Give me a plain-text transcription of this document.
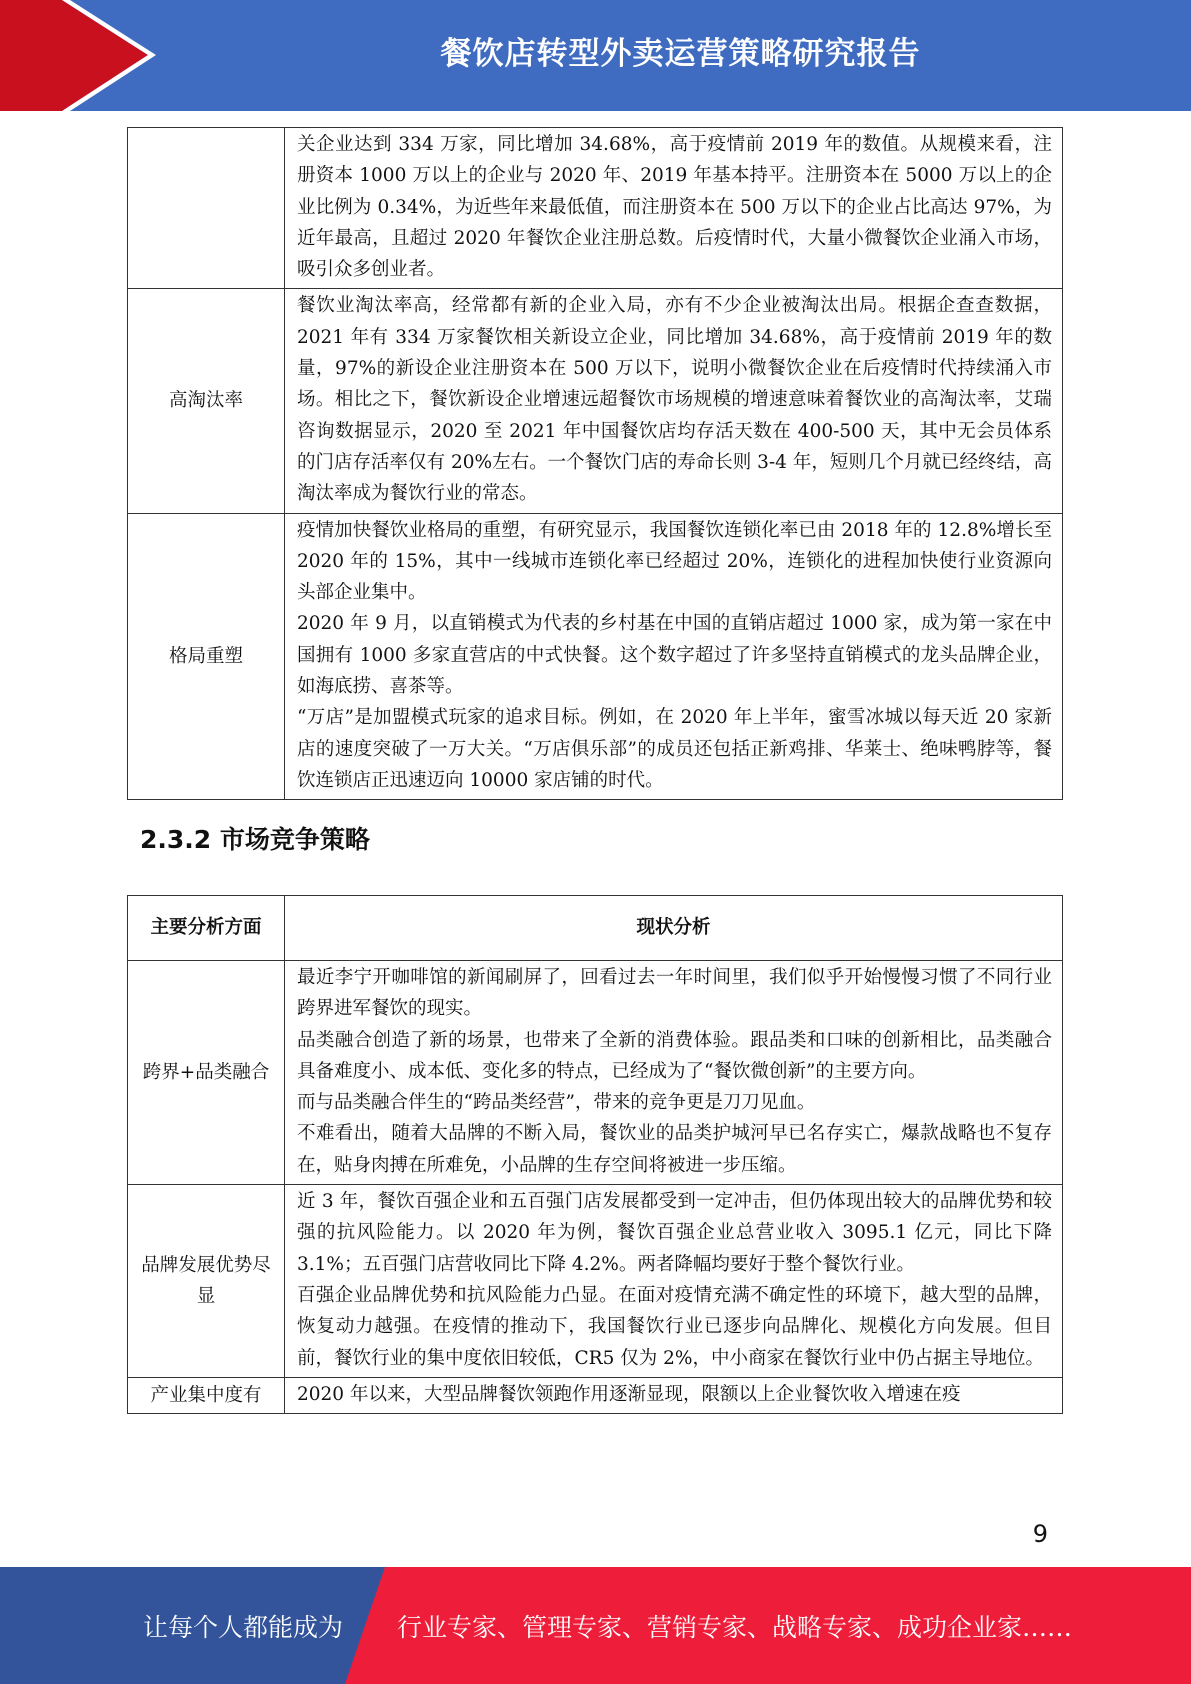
餐饮店转型外卖运营策略研究报告

	关企业达到 334 万家，同比增加 34.68%，高于疫情前 2019 年的数值。从规模来看，注册资本 1000 万以上的企业与 2020 年、2019 年基本持平。注册资本在 5000 万以上的企业比例为 0.34%，为近些年来最低值，而注册资本在 500 万以下的企业占比高达 97%，为近年最高，且超过 2020 年餐饮企业注册总数。后疫情时代，大量小微餐饮企业涌入市场，吸引众多创业者。

高淘汰率	餐饮业淘汰率高，经常都有新的企业入局，亦有不少企业被淘汰出局。根据企查查数据，2021 年有 334 万家餐饮相关新设立企业，同比增加 34.68%，高于疫情前 2019 年的数量，97%的新设企业注册资本在 500 万以下，说明小微餐饮企业在后疫情时代持续涌入市场。相比之下，餐饮新设企业增速远超餐饮市场规模的增速意味着餐饮业的高淘汰率，艾瑞咨询数据显示，2020 至 2021 年中国餐饮店均存活天数在 400-500 天，其中无会员体系的门店存活率仅有 20%左右。一个餐饮门店的寿命长则 3-4 年，短则几个月就已经终结，高淘汰率成为餐饮行业的常态。

格局重塑	疫情加快餐饮业格局的重塑，有研究显示，我国餐饮连锁化率已由 2018 年的 12.8%增长至 2020 年的 15%，其中一线城市连锁化率已经超过 20%，连锁化的进程加快使行业资源向头部企业集中。

2020 年 9 月，以直销模式为代表的乡村基在中国的直销店超过 1000 家，成为第一家在中国拥有 1000 多家直营店的中式快餐。这个数字超过了许多坚持直销模式的龙头品牌企业，如海底捞、喜茶等。

“万店”是加盟模式玩家的追求目标。例如，在 2020 年上半年，蜜雪冰城以每天近 20 家新店的速度突破了一万大关。“万店俱乐部”的成员还包括正新鸡排、华莱士、绝味鸭脖等，餐饮连锁店正迅速迈向 10000 家店铺的时代。

2.3.2 市场竞争策略
主要分析方面	现状分析
跨界+品类融合	最近李宁开咖啡馆的新闻刷屏了，回看过去一年时间里，我们似乎开始慢慢习惯了不同行业跨界进军餐饮的现实。

品类融合创造了新的场景，也带来了全新的消费体验。跟品类和口味的创新相比，品类融合具备难度小、成本低、变化多的特点，已经成为了“餐饮微创新”的主要方向。

而与品类融合伴生的“跨品类经营”，带来的竞争更是刀刀见血。

不难看出，随着大品牌的不断入局，餐饮业的品类护城河早已名存实亡，爆款战略也不复存在，贴身肉搏在所难免，小品牌的生存空间将被进一步压缩。

品牌发展优势尽显	近 3 年，餐饮百强企业和五百强门店发展都受到一定冲击，但仍体现出较大的品牌优势和较强的抗风险能力。以 2020 年为例，餐饮百强企业总营业收入 3095.1 亿元，同比下降 3.1%；五百强门店营收同比下降 4.2%。两者降幅均要好于整个餐饮行业。

百强企业品牌优势和抗风险能力凸显。在面对疫情充满不确定性的环境下，越大型的品牌，恢复动力越强。在疫情的推动下，我国餐饮行业已逐步向品牌化、规模化方向发展。但目前，餐饮行业的集中度依旧较低，CR5 仅为 2%，中小商家在餐饮行业中仍占据主导地位。

产业集中度有	2020 年以来，大型品牌餐饮领跑作用逐渐显现，限额以上企业餐饮收入增速在疫

9
让每个人都能成为 行业专家、管理专家、营销专家、战略专家、成功企业家……
